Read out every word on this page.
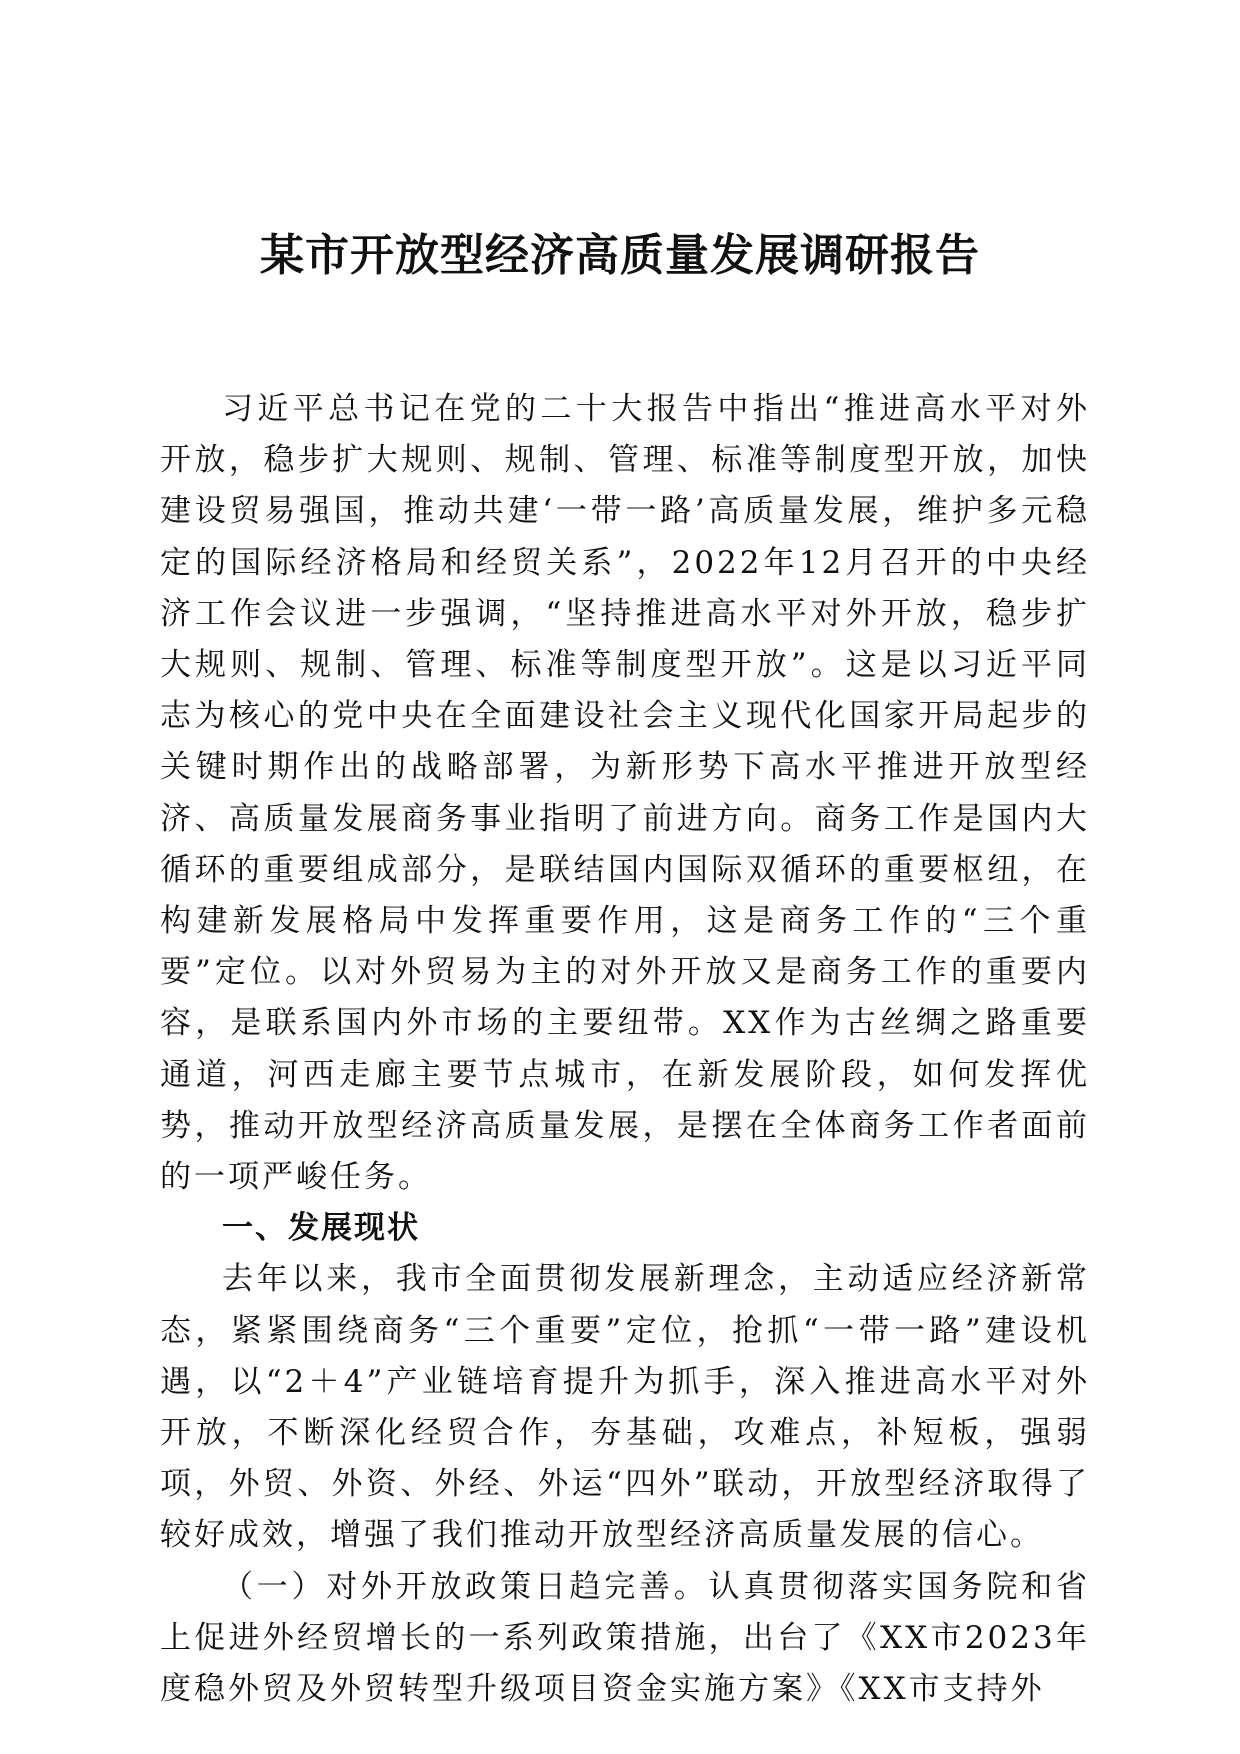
某市开放型经济高质量发展调研报告

习近平总书记在党的二十大报告中指出“推进高水平对外开放，稳步扩大规则、规制、管理、标准等制度型开放，加快建设贸易强国，推动共建‘一带一路’高质量发展，维护多元稳定的国际经济格局和经贸关系”，2022年12月召开的中央经济工作会议进一步强调，“坚持推进高水平对外开放，稳步扩大规则、规制、管理、标准等制度型开放”。这是以习近平同志为核心的党中央在全面建设社会主义现代化国家开局起步的关键时期作出的战略部署，为新形势下高水平推进开放型经济、高质量发展商务事业指明了前进方向。商务工作是国内大循环的重要组成部分，是联结国内国际双循环的重要枢纽，在构建新发展格局中发挥重要作用，这是商务工作的“三个重要”定位。以对外贸易为主的对外开放又是商务工作的重要内容，是联系国内外市场的主要纽带。XX作为古丝绸之路重要通道，河西走廊主要节点城市，在新发展阶段，如何发挥优势，推动开放型经济高质量发展，是摆在全体商务工作者面前的一项严峻任务。

一、发展现状

去年以来，我市全面贯彻发展新理念，主动适应经济新常态，紧紧围绕商务“三个重要”定位，抢抓“一带一路”建设机遇，以“2＋4”产业链培育提升为抓手，深入推进高水平对外开放，不断深化经贸合作，夯基础，攻难点，补短板，强弱项，外贸、外资、外经、外运“四外”联动，开放型经济取得了较好成效，增强了我们推动开放型经济高质量发展的信心。

（一）对外开放政策日趋完善。认真贯彻落实国务院和省上促进外经贸增长的一系列政策措施，出台了《XX市2023年度稳外贸及外贸转型升级项目资金实施方案》《XX市支持外
